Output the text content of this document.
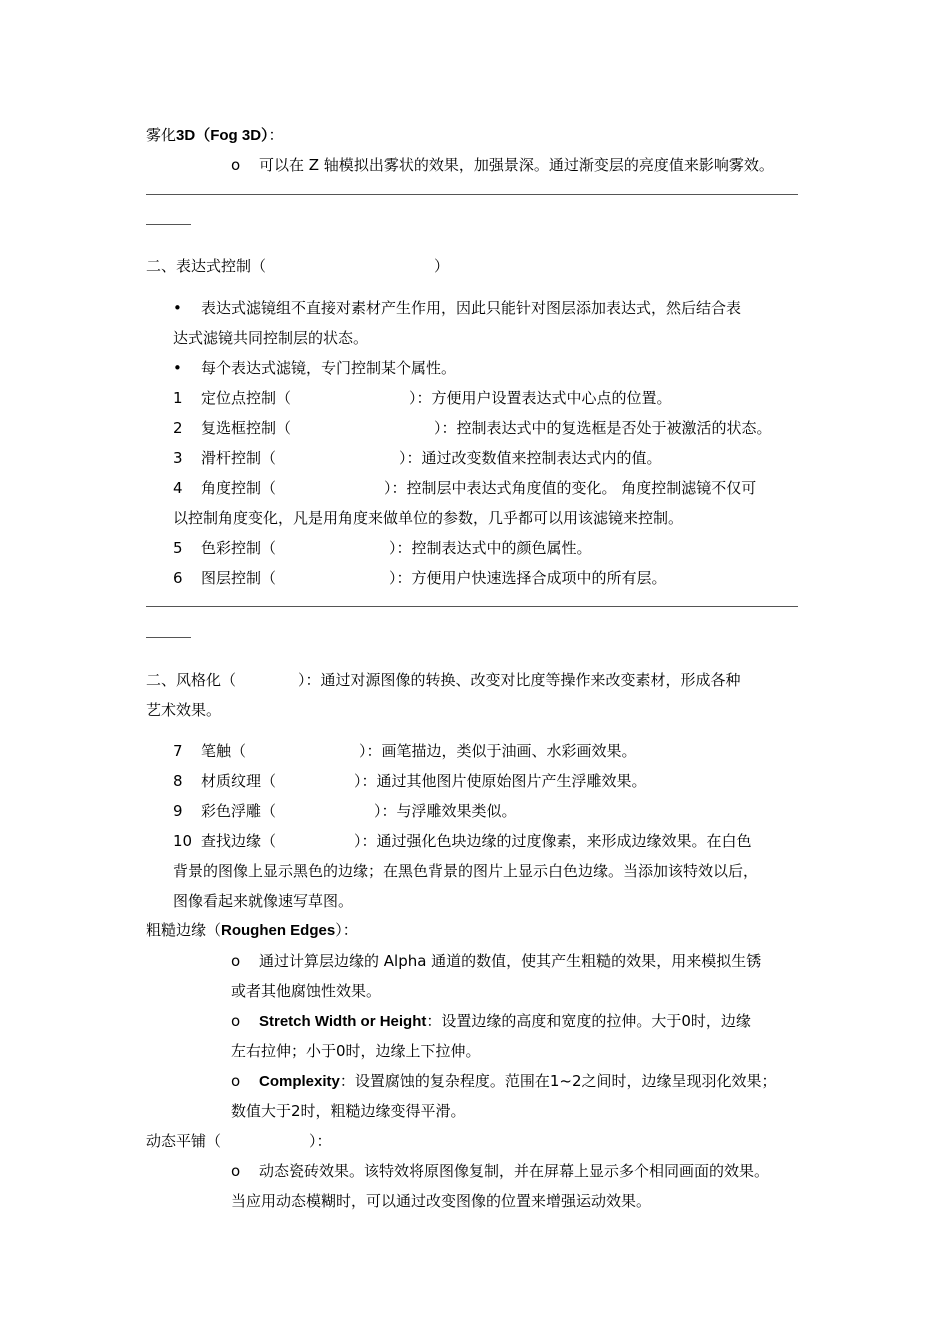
雾化3D（Fog 3D）：
o 可以在 Z 轴模拟出雾状的效果，加强景深。通过渐变层的亮度值来影响雾效。
二、表达式控制（	）
• 表达式滤镜组不直接对素材产生作用，因此只能针对图层添加表达式，然后结合表
达式滤镜共同控制层的状态。
• 每个表达式滤镜，专门控制某个属性。
1 定位点控制（	）：方便用户设置表达式中心点的位置。
2 复选框控制（	）：控制表达式中的复选框是否处于被激活的状态。
3 滑杆控制（	）：通过改变数值来控制表达式内的值。
4 角度控制（	）：控制层中表达式角度值的变化。 角度控制滤镜不仅可
以控制角度变化，凡是用角度来做单位的参数，几乎都可以用该滤镜来控制。
5 色彩控制（	）：控制表达式中的颜色属性。
6 图层控制（	）：方便用户快速选择合成项中的所有层。
二、风格化（	）：通过对源图像的转换、改变对比度等操作来改变素材，形成各种
艺术效果。
7 笔触（	）：画笔描边，类似于油画、水彩画效果。
8 材质纹理（	）：通过其他图片使原始图片产生浮雕效果。
9 彩色浮雕（	）：与浮雕效果类似。
10 查找边缘（	）：通过强化色块边缘的过度像素，来形成边缘效果。在白色
背景的图像上显示黑色的边缘；在黑色背景的图片上显示白色边缘。当添加该特效以后，
图像看起来就像速写草图。
粗糙边缘（Roughen Edges）：
o 通过计算层边缘的 Alpha 通道的数值，使其产生粗糙的效果，用来模拟生锈
或者其他腐蚀性效果。
o Stretch Width or Height：设置边缘的高度和宽度的拉伸。大于0时，边缘
左右拉伸；小于0时，边缘上下拉伸。
o Complexity：设置腐蚀的复杂程度。范围在1~2之间时，边缘呈现羽化效果；
数值大于2时，粗糙边缘变得平滑。
动态平铺（	）：
o 动态瓷砖效果。该特效将原图像复制，并在屏幕上显示多个相同画面的效果。
当应用动态模糊时，可以通过改变图像的位置来增强运动效果。
